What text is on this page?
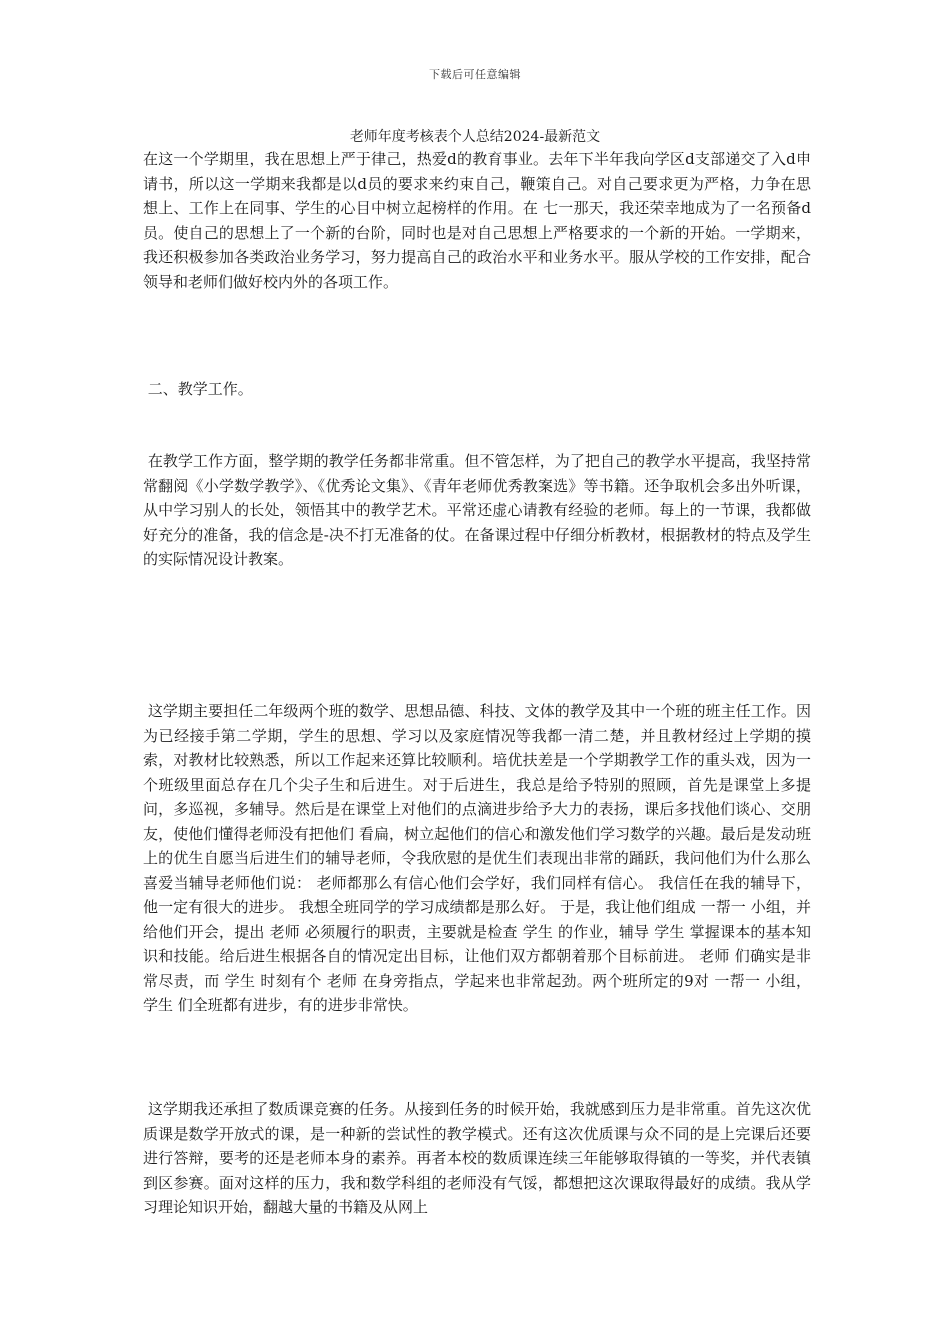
下载后可任意编辑
老师年度考核表个人总结2024-最新范文

在这一个学期里，我在思想上严于律己，热爱d的教育事业。去年下半年我向学区d支部递交了入d申请书，所以这一学期来我都是以d员的要求来约束自己，鞭策自己。对自己要求更为严格，力争在思想上、工作上在同事、学生的心目中树立起榜样的作用。在 七一那天，我还荣幸地成为了一名预备d员。使自己的思想上了一个新的台阶，同时也是对自己思想上严格要求的一个新的开始。一学期来，我还积极参加各类政治业务学习，努力提高自己的政治水平和业务水平。服从学校的工作安排，配合领导和老师们做好校内外的各项工作。

二、教学工作。

在教学工作方面，整学期的教学任务都非常重。但不管怎样，为了把自己的教学水平提高，我坚持常常翻阅《小学数学教学》、《优秀论文集》、《青年老师优秀教案选》等书籍。还争取机会多出外听课，从中学习别人的长处，领悟其中的教学艺术。平常还虚心请教有经验的老师。每上的一节课，我都做好充分的准备，我的信念是-决不打无准备的仗。在备课过程中仔细分析教材，根据教材的特点及学生的实际情况设计教案。

这学期主要担任二年级两个班的数学、思想品德、科技、文体的教学及其中一个班的班主任工作。因为已经接手第二学期，学生的思想、学习以及家庭情况等我都一清二楚，并且教材经过上学期的摸索，对教材比较熟悉，所以工作起来还算比较顺利。培优扶差是一个学期教学工作的重头戏，因为一个班级里面总存在几个尖子生和后进生。对于后进生，我总是给予特别的照顾，首先是课堂上多提问，多巡视，多辅导。然后是在课堂上对他们的点滴进步给予大力的表扬，课后多找他们谈心、交朋友，使他们懂得老师没有把他们 看扁，树立起他们的信心和激发他们学习数学的兴趣。最后是发动班上的优生自愿当后进生们的辅导老师，令我欣慰的是优生们表现出非常的踊跃，我问他们为什么那么喜爱当辅导老师他们说： 老师都那么有信心他们会学好，我们同样有信心。 我信任在我的辅导下，他一定有很大的进步。 我想全班同学的学习成绩都是那么好。 于是，我让他们组成 一帮一 小组，并给他们开会，提出 老师 必须履行的职责，主要就是检查 学生 的作业，辅导 学生 掌握课本的基本知识和技能。给后进生根据各自的情况定出目标，让他们双方都朝着那个目标前进。 老师 们确实是非常尽责，而 学生 时刻有个 老师 在身旁指点，学起来也非常起劲。两个班所定的9对 一帮一 小组， 学生 们全班都有进步，有的进步非常快。

这学期我还承担了数质课竞赛的任务。从接到任务的时候开始，我就感到压力是非常重。首先这次优质课是数学开放式的课，是一种新的尝试性的教学模式。还有这次优质课与众不同的是上完课后还要进行答辩，要考的还是老师本身的素养。再者本校的数质课连续三年能够取得镇的一等奖，并代表镇到区参赛。面对这样的压力，我和数学科组的老师没有气馁，都想把这次课取得最好的成绩。我从学习理论知识开始，翻越大量的书籍及从网上
